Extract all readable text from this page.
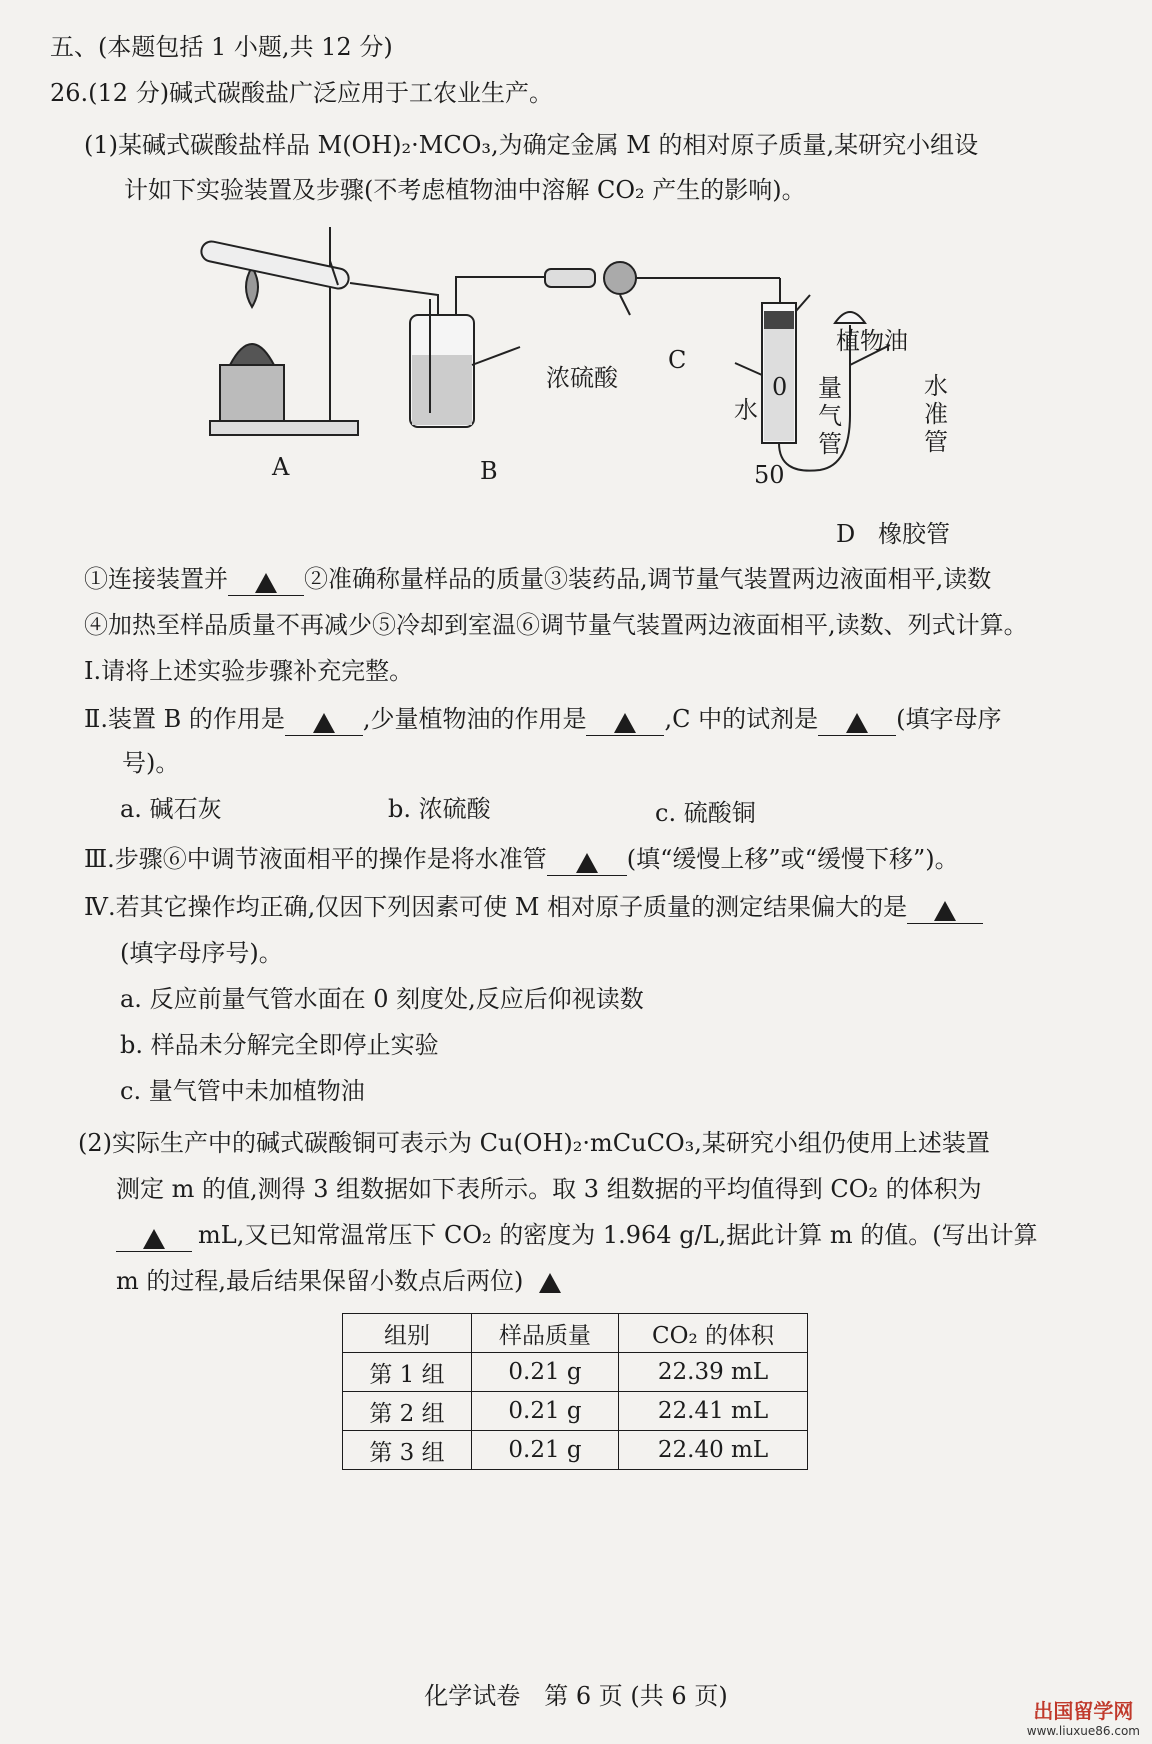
五、(本题包括 1 小题,共 12 分)
26.(12 分)碱式碳酸盐广泛应用于工农业生产。
(1)某碱式碳酸盐样品 M(OH)₂·MCO₃,为确定金属 M 的相对原子质量,某研究小组设
计如下实验装置及步骤(不考虑植物油中溶解 CO₂ 产生的影响)。
A	B
C
D
浓硫酸
植物油
水
0
50
量气管
水准管
橡胶管
①连接装置并	②准确称量样品的质量③装药品,调节量气装置两边液面相平,读数
④加热至样品质量不再减少⑤冷却到室温⑥调节量气装置两边液面相平,读数、列式计算。
Ⅰ.请将上述实验步骤补充完整。
Ⅱ.装置 B 的作用是	,少量植物油的作用是	,C 中的试剂是	(填字母序
号)。
a. 碱石灰	b. 浓硫酸	c. 硫酸铜
Ⅲ.步骤⑥中调节液面相平的操作是将水准管	(填“缓慢上移”或“缓慢下移”)。
Ⅳ.若其它操作均正确,仅因下列因素可使 M 相对原子质量的测定结果偏大的是
(填字母序号)。
a. 反应前量气管水面在 0 刻度处,反应后仰视读数
b. 样品未分解完全即停止实验
c. 量气管中未加植物油
(2)实际生产中的碱式碳酸铜可表示为 Cu(OH)₂·mCuCO₃,某研究小组仍使用上述装置
测定 m 的值,测得 3 组数据如下表所示。取 3 组数据的平均值得到 CO₂ 的体积为
mL,又已知常温常压下 CO₂ 的密度为 1.964 g/L,据此计算 m 的值。(写出计算
m 的过程,最后结果保留小数点后两位)
组别	样品质量	CO₂ 的体积
第 1 组	0.21 g	22.39 mL
第 2 组	0.21 g	22.41 mL
第 3 组	0.21 g	22.40 mL
化学试卷　第 6 页 (共 6 页)
出国留学网
www.liuxue86.com
